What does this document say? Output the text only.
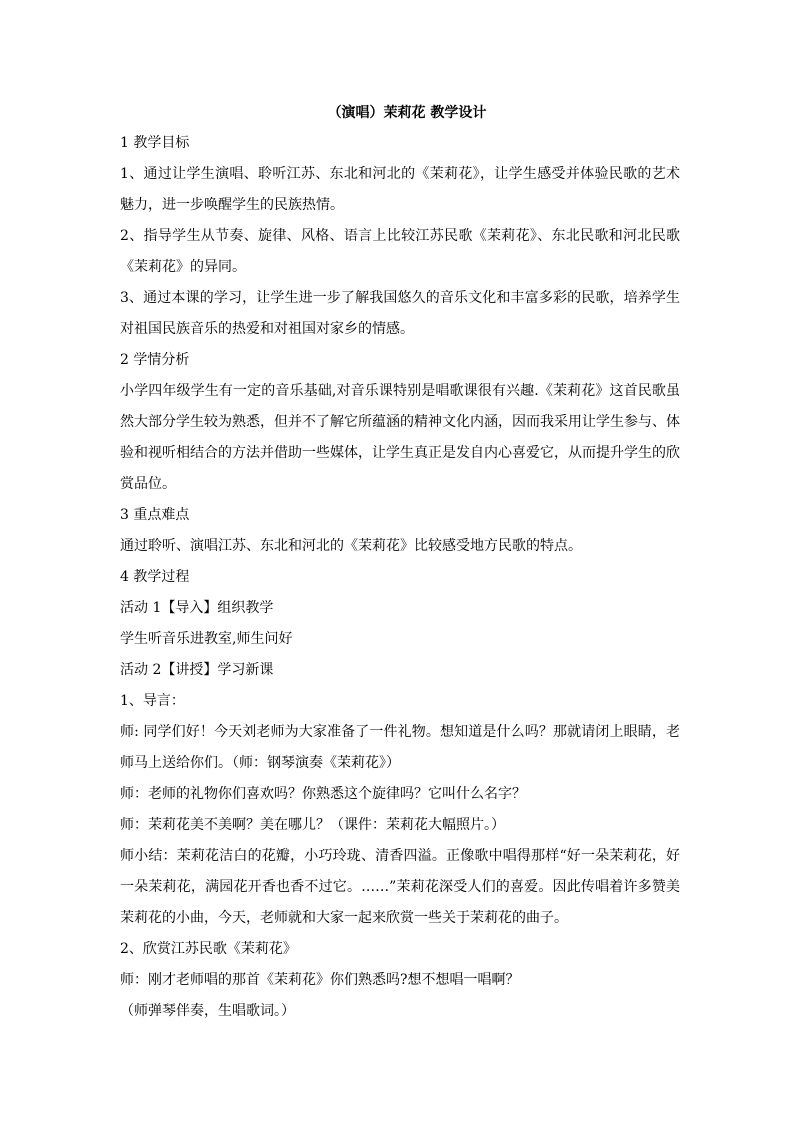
（演唱）茉莉花 教学设计

1 教学目标

1、通过让学生演唱、聆听江苏、东北和河北的《茉莉花》，让学生感受并体验民歌的艺术魅力，进一步唤醒学生的民族热情。

2、指导学生从节奏、旋律、风格、语言上比较江苏民歌《茉莉花》、东北民歌和河北民歌《茉莉花》的异同。

3、通过本课的学习，让学生进一步了解我国悠久的音乐文化和丰富多彩的民歌，培养学生对祖国民族音乐的热爱和对祖国对家乡的情感。

2 学情分析

小学四年级学生有一定的音乐基础,对音乐课特别是唱歌课很有兴趣.《茉莉花》这首民歌虽然大部分学生较为熟悉，但并不了解它所蕴涵的精神文化内涵，因而我采用让学生参与、体验和视听相结合的方法并借助一些媒体，让学生真正是发自内心喜爱它，从而提升学生的欣赏品位。

3 重点难点

通过聆听、演唱江苏、东北和河北的《茉莉花》比较感受地方民歌的特点。

4 教学过程

活动 1【导入】组织教学

学生听音乐进教室,师生问好

活动 2【讲授】学习新课

1、导言：

师: 同学们好！今天刘老师为大家准备了一件礼物。想知道是什么吗？那就请闭上眼睛，老师马上送给你们。（师：钢琴演奏《茉莉花》）

师：老师的礼物你们喜欢吗？你熟悉这个旋律吗？它叫什么名字？

师：茉莉花美不美啊？美在哪儿？（课件：茉莉花大幅照片。）

师小结：茉莉花洁白的花瓣，小巧玲珑、清香四溢。正像歌中唱得那样“好一朵茉莉花，好一朵茉莉花，满园花开香也香不过它。……”茉莉花深受人们的喜爱。因此传唱着许多赞美茉莉花的小曲，今天，老师就和大家一起来欣赏一些关于茉莉花的曲子。

2、欣赏江苏民歌《茉莉花》

师：刚才老师唱的那首《茉莉花》你们熟悉吗?想不想唱一唱啊？

（师弹琴伴奏，生唱歌词。）
